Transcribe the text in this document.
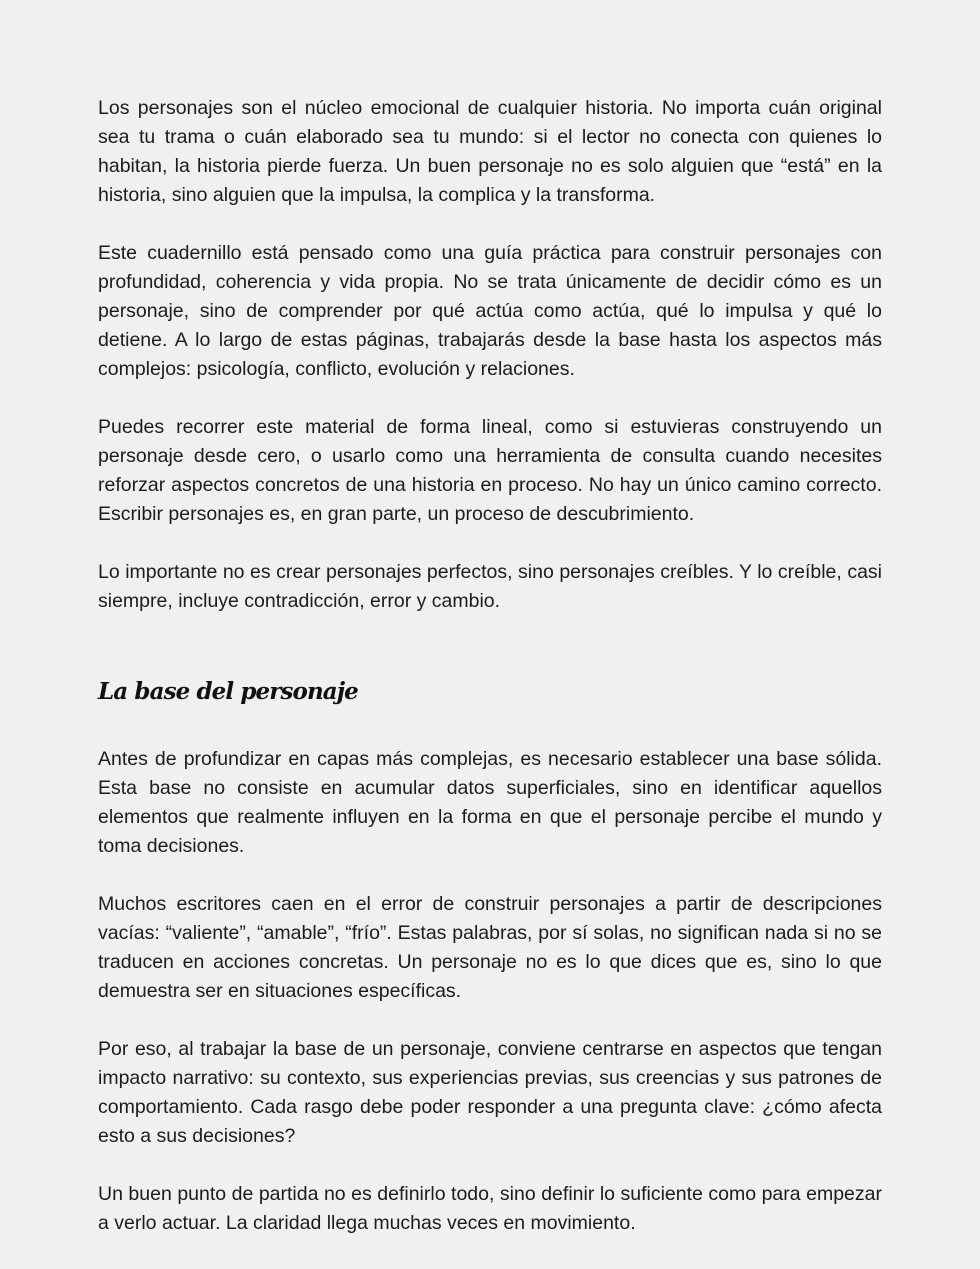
Los personajes son el núcleo emocional de cualquier historia. No importa cuán original sea tu trama o cuán elaborado sea tu mundo: si el lector no conecta con quienes lo habitan, la historia pierde fuerza. Un buen personaje no es solo alguien que “está” en la historia, sino alguien que la impulsa, la complica y la transforma.

Este cuadernillo está pensado como una guía práctica para construir personajes con profundidad, coherencia y vida propia. No se trata únicamente de decidir cómo es un personaje, sino de comprender por qué actúa como actúa, qué lo impulsa y qué lo detiene. A lo largo de estas páginas, trabajarás desde la base hasta los aspectos más complejos: psicología, conflicto, evolución y relaciones.

Puedes recorrer este material de forma lineal, como si estuvieras construyendo un personaje desde cero, o usarlo como una herramienta de consulta cuando necesites reforzar aspectos concretos de una historia en proceso. No hay un único camino correcto. Escribir personajes es, en gran parte, un proceso de descubrimiento.

Lo importante no es crear personajes perfectos, sino personajes creíbles. Y lo creíble, casi siempre, incluye contradicción, error y cambio.

La base del personaje

Antes de profundizar en capas más complejas, es necesario establecer una base sólida. Esta base no consiste en acumular datos superficiales, sino en identificar aquellos elementos que realmente influyen en la forma en que el personaje percibe el mundo y toma decisiones.

Muchos escritores caen en el error de construir personajes a partir de descripciones vacías: “valiente”, “amable”, “frío”. Estas palabras, por sí solas, no significan nada si no se traducen en acciones concretas. Un personaje no es lo que dices que es, sino lo que demuestra ser en situaciones específicas.

Por eso, al trabajar la base de un personaje, conviene centrarse en aspectos que tengan impacto narrativo: su contexto, sus experiencias previas, sus creencias y sus patrones de comportamiento. Cada rasgo debe poder responder a una pregunta clave: ¿cómo afecta esto a sus decisiones?

Un buen punto de partida no es definirlo todo, sino definir lo suficiente como para empezar a verlo actuar. La claridad llega muchas veces en movimiento.
